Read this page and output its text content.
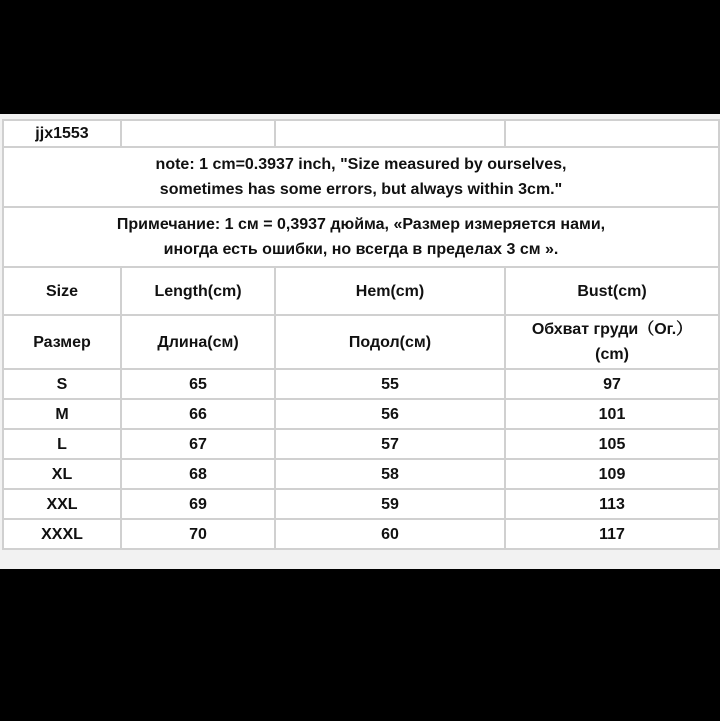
jjx1553			

note: 1 cm=0.3937 inch, "Size measured by ourselves,
sometimes has some errors, but always within 3cm."			

Примечание: 1 см = 0,3937 дюйма, «Размер измеряется нами,
иногда есть ошибки, но всегда в пределах 3 см ».			

Size	Length(cm)	Hem(cm)	Bust(cm)
Размер	Длина(см)	Подол(см)	Обхват груди（Ог.）
(cm)

S	65	55	97
M	66	56	101
L	67	57	105
XL	68	58	109
XXL	69	59	113
XXXL	70	60	117
